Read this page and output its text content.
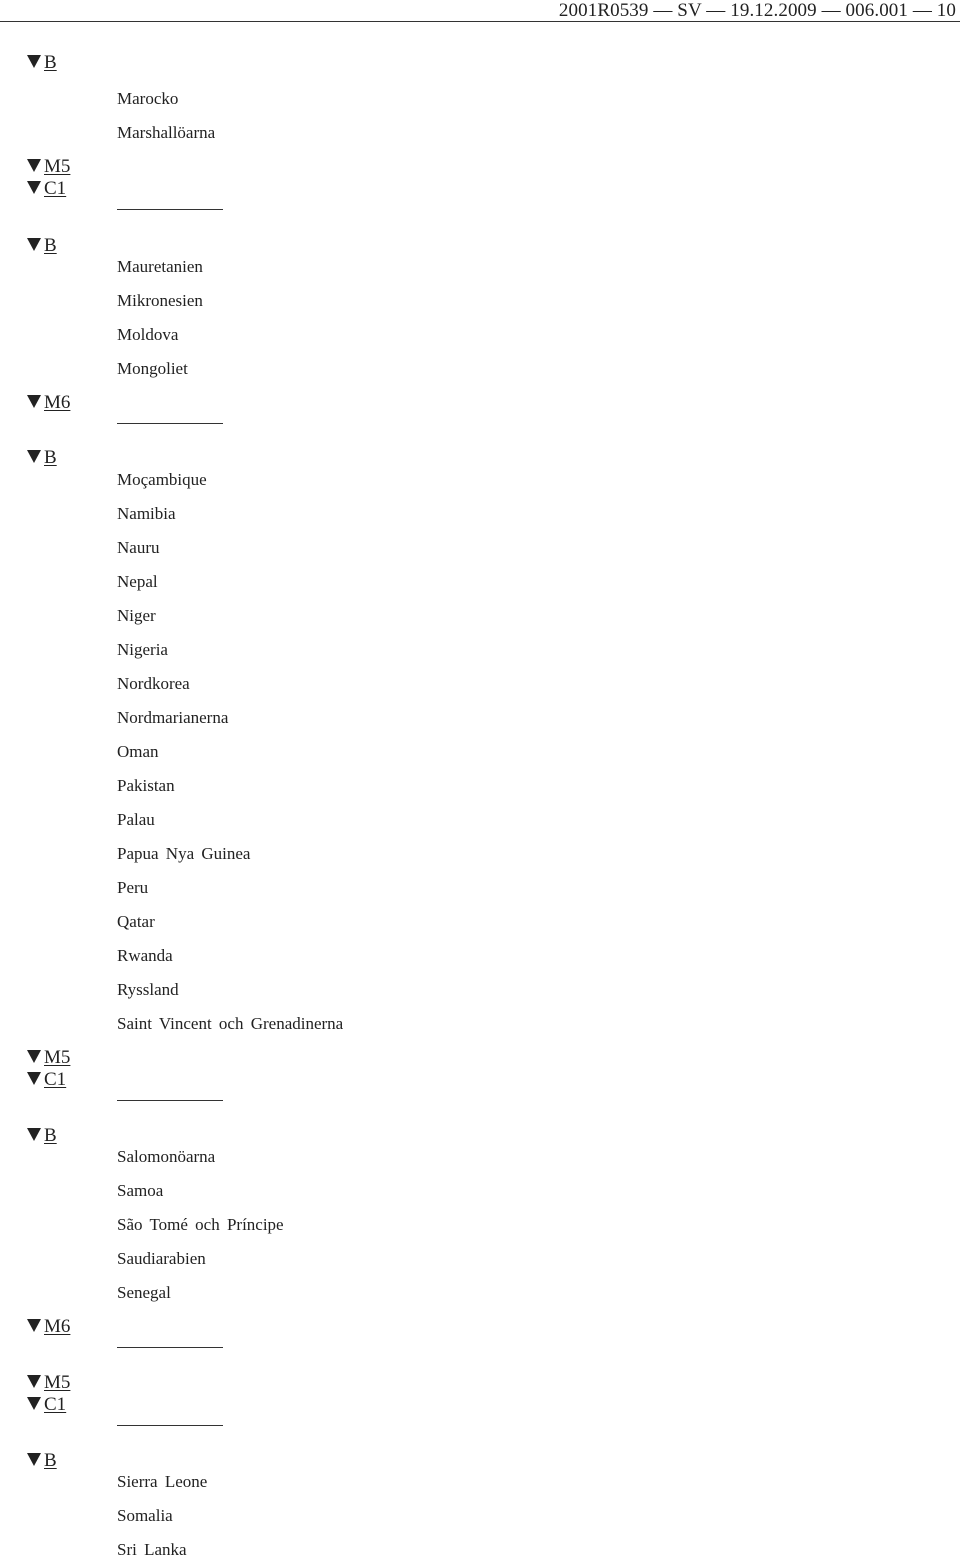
2001R0539 — SV — 19.12.2009 — 006.001 — 10
B
M5
C1
B
M6
B
M5
C1
B
M6
M5
C1
B
Marocko
Marshallöarna
Mauretanien
Mikronesien
Moldova
Mongoliet
Moçambique
Namibia
Nauru
Nepal
Niger
Nigeria
Nordkorea
Nordmarianerna
Oman
Pakistan
Palau
Papua Nya Guinea
Peru
Qatar
Rwanda
Ryssland
Saint Vincent och Grenadinerna
Salomonöarna
Samoa
São Tomé och Príncipe
Saudiarabien
Senegal
Sierra Leone
Somalia
Sri Lanka
